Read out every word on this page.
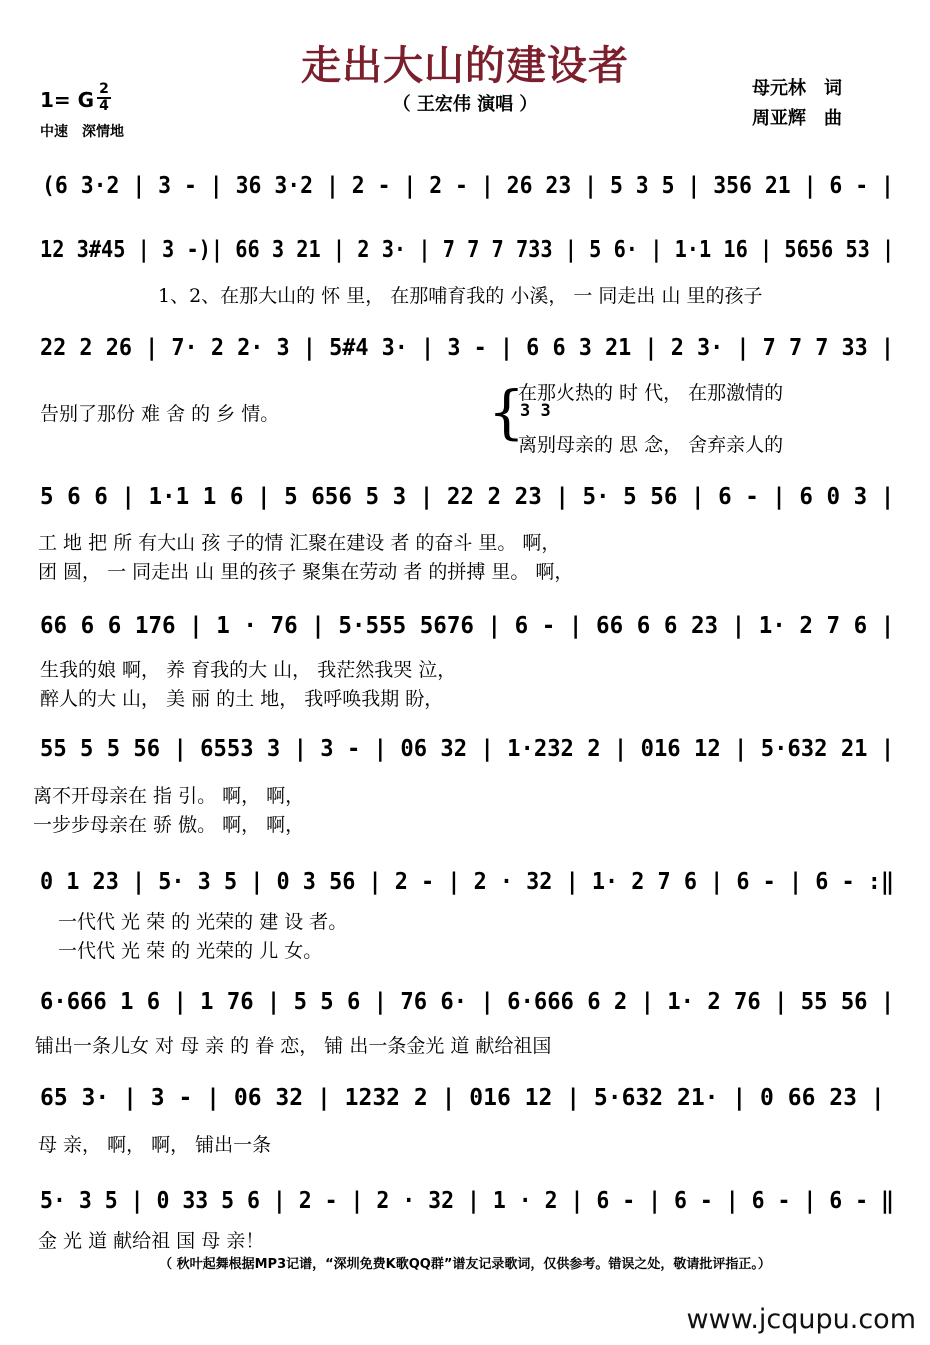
走出大山的建设者
（ 王宏伟 演唱 ）
母元林　词
周亚辉　曲
1= G 2
4
中速　深情地
(6 3·2 | 3 - | 36 3·2 | 2 - | 2 - | 26 23 | 5 3 5 | 356 21 | 6 - |
12 3#45 | 3 -)| 66 3 21 | 2 3· | 7 7 7 733 | 5 6· | 1·1 16 | 5656 53 |
1、2、在那大山的 怀 里， 在那哺育我的 小溪， 一 同走出 山 里的孩子
22 2 26 | 7· 2 2· 3 | 5#4 3· | 3 - | 6 6 3 21 | 2 3· | 7 7 7 33 |
告别了那份 难 舍 的 乡 情。	{
在那火热的 时 代， 在那激情的
3 3
离别母亲的 思 念， 舍弃亲人的
5 6 6 | 1·1 1 6 | 5 656 5 3 | 22 2 23 | 5· 5 56 | 6 - | 6 0 3 |
工 地 把 所 有大山 孩 子的情 汇聚在建设 者 的奋斗 里。 啊，
团 圆， 一 同走出 山 里的孩子 聚集在劳动 者 的拼搏 里。 啊，
66 6 6 176 | 1 · 76 | 5·555 5676 | 6 - | 66 6 6 23 | 1· 2 7 6 |
生我的娘 啊， 养 育我的大 山， 我茫然我哭 泣，
醉人的大 山， 美 丽 的土 地， 我呼唤我期 盼，
55 5 5 56 | 6553 3 | 3 - | 06 32 | 1·232 2 | 016 12 | 5·632 21 |
离不开母亲在 指 引。 啊， 啊，
一步步母亲在 骄 傲。 啊， 啊，
0 1 23 | 5· 3 5 | 0 3 56 | 2 - | 2 · 32 | 1· 2 7 6 | 6 - | 6 - :‖
一代代 光 荣 的 光荣的 建 设 者。
一代代 光 荣 的 光荣的 儿 女。
6·666 1 6 | 1 76 | 5 5 6 | 76 6· | 6·666 6 2 | 1· 2 76 | 55 56 |
铺出一条儿女 对 母 亲 的 眷 恋， 铺 出一条金光 道 献给祖国
65 3· | 3 - | 06 32 | 1232 2 | 016 12 | 5·632 21· | 0 66 23 |
母 亲， 啊， 啊， 铺出一条
5· 3 5 | 0 33 5 6 | 2 - | 2 · 32 | 1 · 2 | 6 - | 6 - | 6 - | 6 - ‖
金 光 道 献给祖 国 母 亲！
（ 秋叶起舞根据MP3记谱，“深圳免费K歌QQ群”谱友记录歌词，仅供参考。错误之处，敬请批评指正。）
www.jcqupu.com
